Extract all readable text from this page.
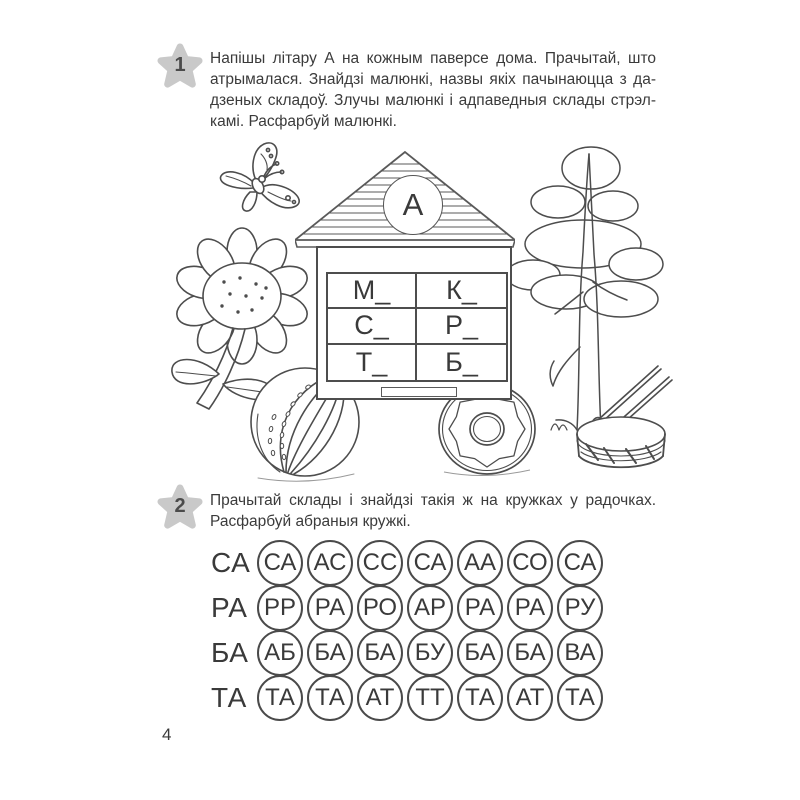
1	Напішы літару А на кожным паверсе дома. Прачытай, што
атрымалася. Знайдзі малюнкі, назвы якіх пачынаюцца з да-
дзеных складоў. Злучы малюнкі і адпаведныя склады стрэл-
камі. Расфарбуй малюнкі.
А
М_	К_
С_	Р_
Т_	Б_
2	Прачытай склады і знайдзі такія ж на кружках у радочках.
Расфарбуй абраныя кружкі.
СА СА АС СС СА АА СО СА
РА РР РА РО АР РА РА РУ
БА АБ БА БА БУ БА БА ВА
ТА ТА ТА АТ ТТ ТА АТ ТА
4
